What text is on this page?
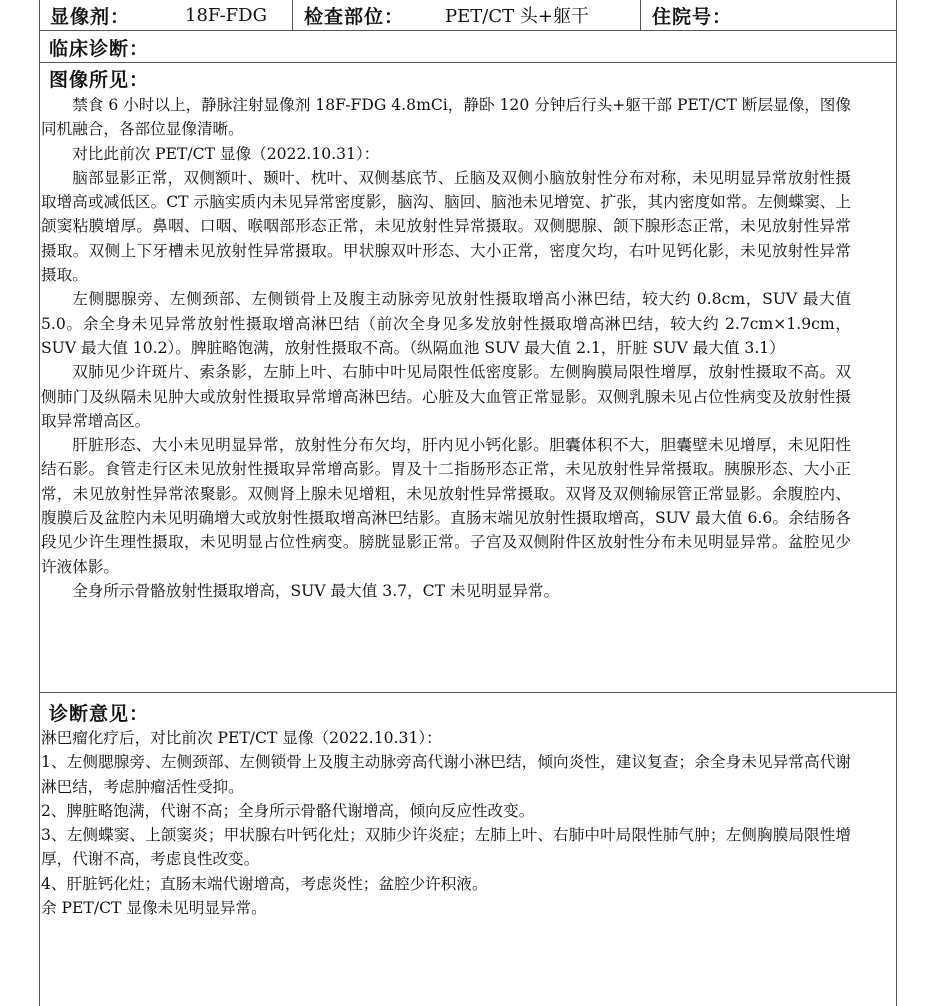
显像剂：	18F-FDG 检查部位： PET/CT 头+躯干	住院号：
临床诊断：
图像所见：

禁食 6 小时以上，静脉注射显像剂 18F-FDG 4.8mCi，静卧 120 分钟后行头+躯干部 PET/CT 断层显像，图像同机融合，各部位显像清晰。

对比此前次 PET/CT 显像（2022.10.31）：

脑部显影正常，双侧额叶、颞叶、枕叶、双侧基底节、丘脑及双侧小脑放射性分布对称，未见明显异常放射性摄取增高或减低区。CT 示脑实质内未见异常密度影，脑沟、脑回、脑池未见增宽、扩张，其内密度如常。左侧蝶窦、上颌窦粘膜增厚。鼻咽、口咽、喉咽部形态正常，未见放射性异常摄取。双侧腮腺、颌下腺形态正常，未见放射性异常摄取。双侧上下牙槽未见放射性异常摄取。甲状腺双叶形态、大小正常，密度欠均，右叶见钙化影，未见放射性异常摄取。

左侧腮腺旁、左侧颈部、左侧锁骨上及腹主动脉旁见放射性摄取增高小淋巴结，较大约 0.8cm，SUV 最大值 5.0。余全身未见异常放射性摄取增高淋巴结（前次全身见多发放射性摄取增高淋巴结，较大约 2.7cm×1.9cm，SUV 最大值 10.2）。脾脏略饱满，放射性摄取不高。（纵隔血池 SUV 最大值 2.1，肝脏 SUV 最大值 3.1）

双肺见少许斑片、索条影，左肺上叶、右肺中叶见局限性低密度影。左侧胸膜局限性增厚，放射性摄取不高。双侧肺门及纵隔未见肿大或放射性摄取异常增高淋巴结。心脏及大血管正常显影。双侧乳腺未见占位性病变及放射性摄取异常增高区。

肝脏形态、大小未见明显异常，放射性分布欠均，肝内见小钙化影。胆囊体积不大，胆囊壁未见增厚，未见阳性结石影。食管走行区未见放射性摄取异常增高影。胃及十二指肠形态正常，未见放射性异常摄取。胰腺形态、大小正常，未见放射性异常浓聚影。双侧肾上腺未见增粗，未见放射性异常摄取。双肾及双侧输尿管正常显影。余腹腔内、腹膜后及盆腔内未见明确增大或放射性摄取增高淋巴结影。直肠末端见放射性摄取增高，SUV 最大值 6.6。余结肠各段见少许生理性摄取，未见明显占位性病变。膀胱显影正常。子宫及双侧附件区放射性分布未见明显异常。盆腔见少许液体影。

全身所示骨骼放射性摄取增高，SUV 最大值 3.7，CT 未见明显异常。

诊断意见：

淋巴瘤化疗后，对比前次 PET/CT 显像（2022.10.31）：

1、左侧腮腺旁、左侧颈部、左侧锁骨上及腹主动脉旁高代谢小淋巴结，倾向炎性，建议复查；余全身未见异常高代谢淋巴结，考虑肿瘤活性受抑。

2、脾脏略饱满，代谢不高；全身所示骨骼代谢增高，倾向反应性改变。

3、左侧蝶窦、上颌窦炎；甲状腺右叶钙化灶；双肺少许炎症；左肺上叶、右肺中叶局限性肺气肿；左侧胸膜局限性增厚，代谢不高，考虑良性改变。

4、肝脏钙化灶；直肠末端代谢增高，考虑炎性；盆腔少许积液。

余 PET/CT 显像未见明显异常。
